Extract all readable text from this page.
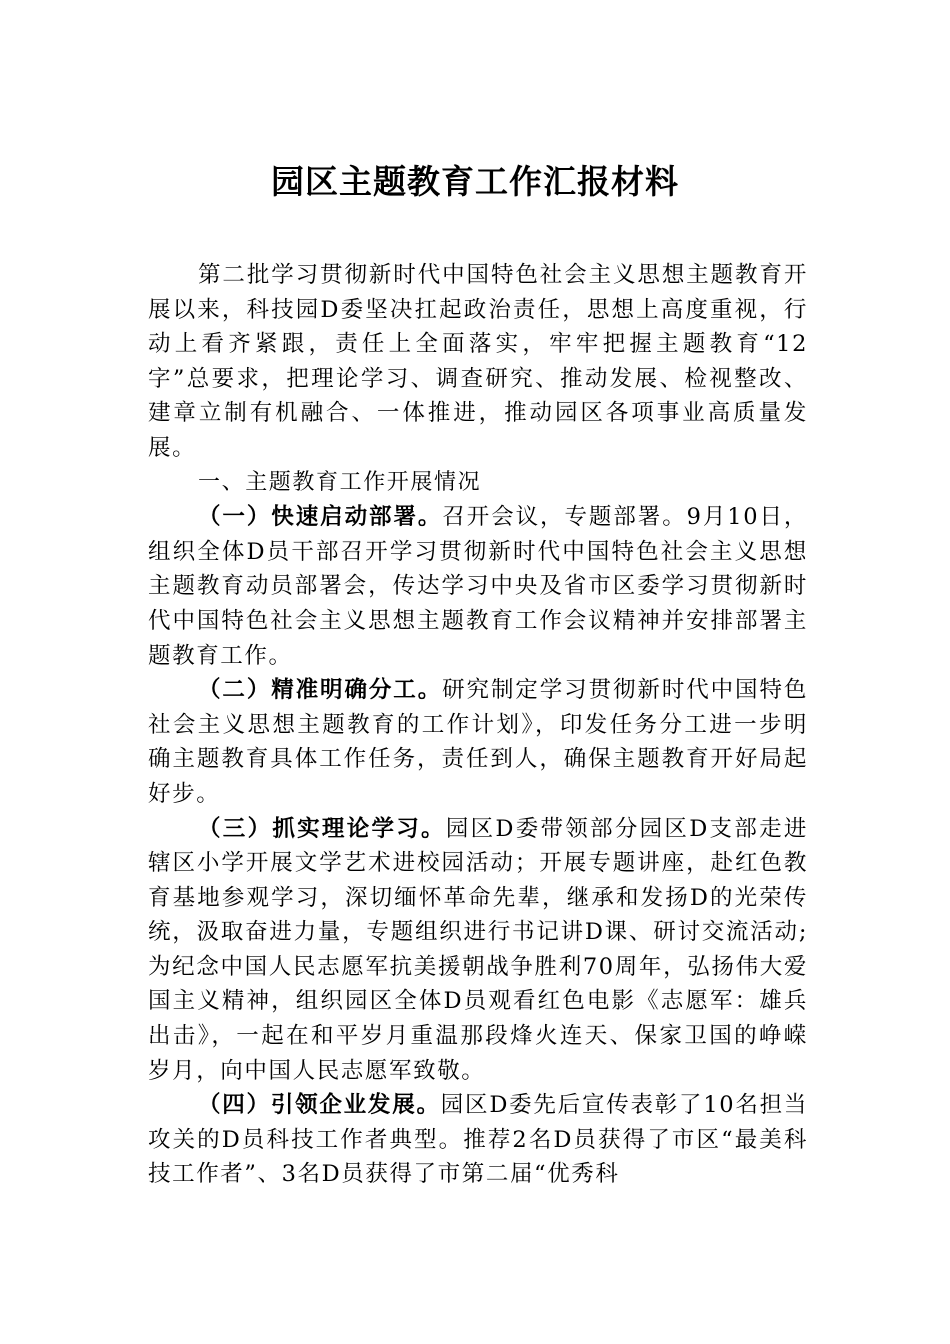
园区主题教育工作汇报材料

第二批学习贯彻新时代中国特色社会主义思想主题教育开展以来，科技园D委坚决扛起政治责任，思想上高度重视，行动上看齐紧跟，责任上全面落实，牢牢把握主题教育“12字”总要求，把理论学习、调查研究、推动发展、检视整改、建章立制有机融合、一体推进，推动园区各项事业高质量发展。

一、主题教育工作开展情况

（一）快速启动部署。召开会议，专题部署。9月10日，组织全体D员干部召开学习贯彻新时代中国特色社会主义思想主题教育动员部署会，传达学习中央及省市区委学习贯彻新时代中国特色社会主义思想主题教育工作会议精神并安排部署主题教育工作。

（二）精准明确分工。研究制定学习贯彻新时代中国特色社会主义思想主题教育的工作计划》，印发任务分工进一步明确主题教育具体工作任务，责任到人，确保主题教育开好局起好步。

（三）抓实理论学习。园区D委带领部分园区D支部走进辖区小学开展文学艺术进校园活动；开展专题讲座，赴红色教育基地参观学习，深切缅怀革命先辈，继承和发扬D的光荣传统，汲取奋进力量，专题组织进行书记讲D课、研讨交流活动;为纪念中国人民志愿军抗美援朝战争胜利70周年，弘扬伟大爱国主义精神，组织园区全体D员观看红色电影《志愿军：雄兵出击》，一起在和平岁月重温那段烽火连天、保家卫国的峥嵘岁月，向中国人民志愿军致敬。

（四）引领企业发展。园区D委先后宣传表彰了10名担当攻关的D员科技工作者典型。推荐2名D员获得了市区“最美科技工作者”、3名D员获得了市第二届“优秀科
